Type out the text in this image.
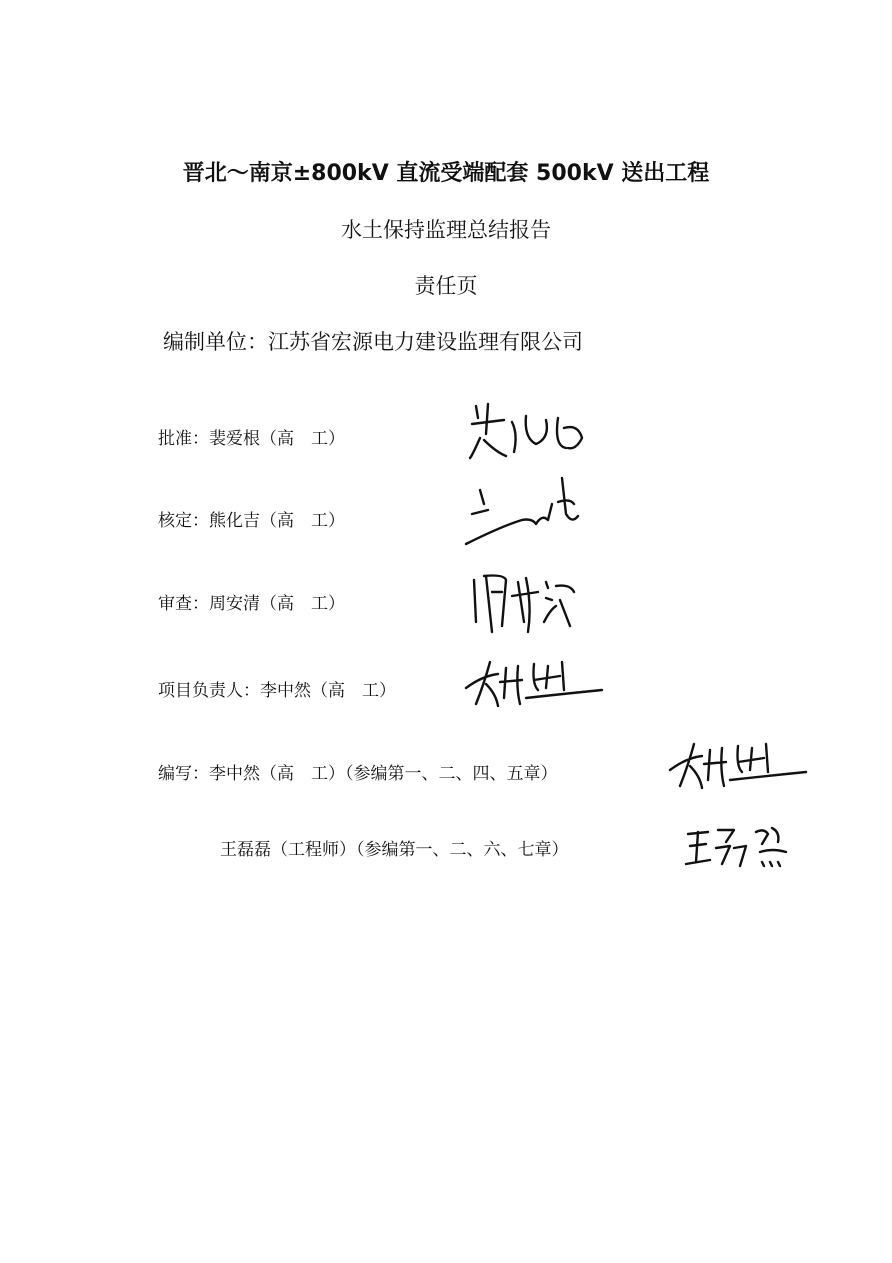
晋北～南京±800kV 直流受端配套 500kV 送出工程
水土保持监理总结报告
责任页
编制单位：江苏省宏源电力建设监理有限公司
批准：裴爱根（高　工）
核定：熊化吉（高　工）
审查：周安清（高　工）
项目负责人：李中然（高　工）
编写：李中然（高　工）（参编第一、二、四、五章）
王磊磊（工程师）（参编第一、二、六、七章）
